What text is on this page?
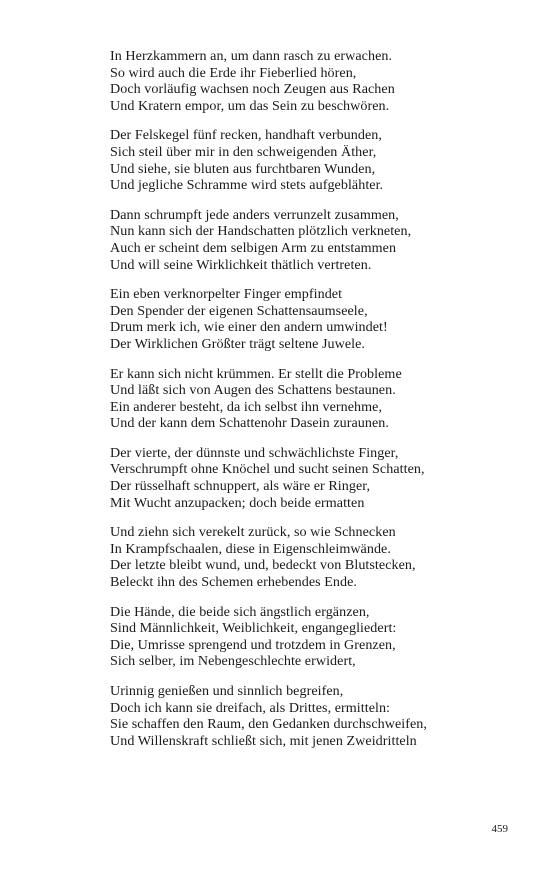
In Herzkammern an, um dann rasch zu erwachen.
So wird auch die Erde ihr Fieberlied hören,
Doch vorläufig wachsen noch Zeugen aus Rachen
Und Kratern empor, um das Sein zu beschwören.
Der Felskegel fünf recken, handhaft verbunden,
Sich steil über mir in den schweigenden Äther,
Und siehe, sie bluten aus furchtbaren Wunden,
Und jegliche Schramme wird stets aufgeblähter.
Dann schrumpft jede anders verrunzelt zusammen,
Nun kann sich der Handschatten plötzlich verkneten,
Auch er scheint dem selbigen Arm zu entstammen
Und will seine Wirklichkeit thätlich vertreten.
Ein eben verknorpelter Finger empfindet
Den Spender der eigenen Schattensaumseele,
Drum merk ich, wie einer den andern umwindet!
Der Wirklichen Größter trägt seltene Juwele.
Er kann sich nicht krümmen. Er stellt die Probleme
Und läßt sich von Augen des Schattens bestaunen.
Ein anderer besteht, da ich selbst ihn vernehme,
Und der kann dem Schattenohr Dasein zuraunen.
Der vierte, der dünnste und schwächlichste Finger,
Verschrumpft ohne Knöchel und sucht seinen Schatten,
Der rüsselhaft schnuppert, als wäre er Ringer,
Mit Wucht anzupacken; doch beide ermatten
Und ziehn sich verekelt zurück, so wie Schnecken
In Krampfschaalen, diese in Eigenschleimwände.
Der letzte bleibt wund, und, bedeckt von Blutstecken,
Beleckt ihn des Schemen erhebendes Ende.
Die Hände, die beide sich ängstlich ergänzen,
Sind Männlichkeit, Weiblichkeit, engangegliedert:
Die, Umrisse sprengend und trotzdem in Grenzen,
Sich selber, im Nebengeschlechte erwidert,
Urinnig genießen und sinnlich begreifen,
Doch ich kann sie dreifach, als Drittes, ermitteln:
Sie schaffen den Raum, den Gedanken durchschweifen,
Und Willenskraft schließt sich, mit jenen Zweidritteln
459
